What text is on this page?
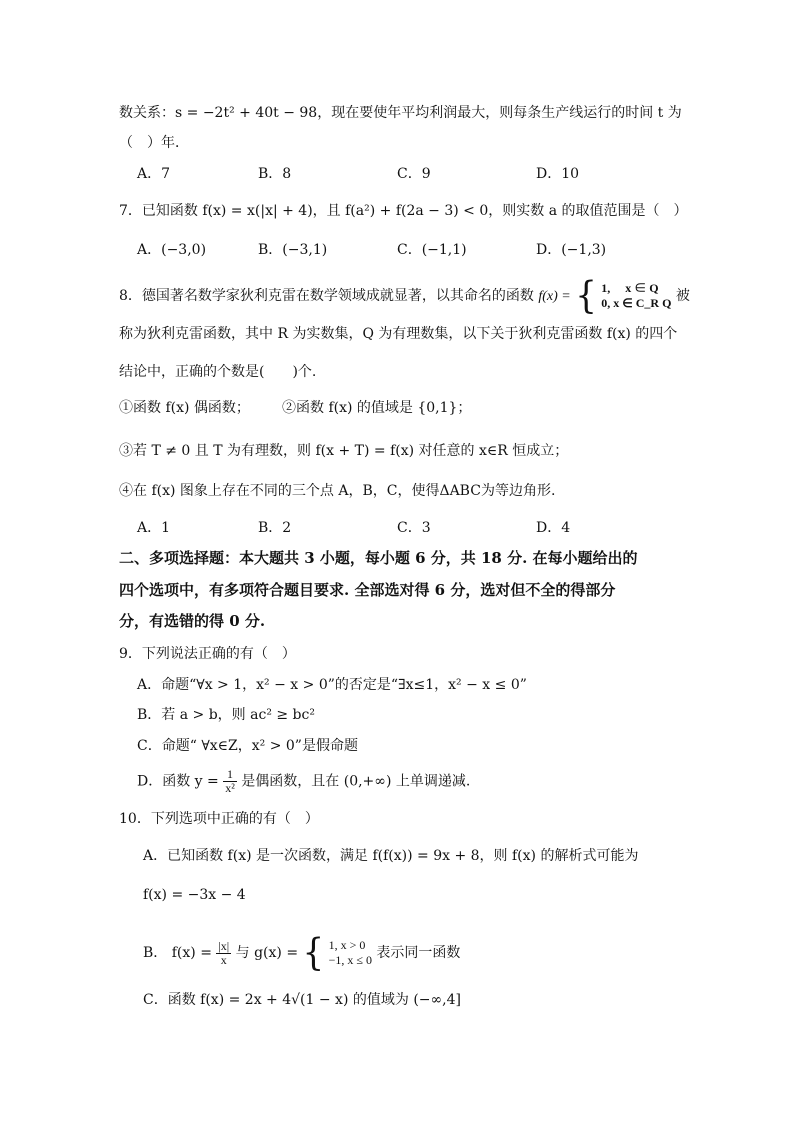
数关系：s = −2t² + 40t − 98，现在要使年平均利润最大，则每条生产线运行的时间 t 为
（　）年．
A．7	B．8	C．9	D．10
7．已知函数 f(x) = x(|x| + 4)，且 f(a²) + f(2a − 3) < 0，则实数 a 的取值范围是（　）
A．(−3,0)	B．(−3,1)	C．(−1,1)	D．(−1,3)
8．德国著名数学家狄利克雷在数学领域成就显著，以其命名的函数 f(x) = { 1,　 x ∈ Q
0, x ∈ C_R Q 被
称为狄利克雷函数，其中 R 为实数集，Q 为有理数集，以下关于狄利克雷函数 f(x) 的四个
结论中，正确的个数是(　　)个.
①函数 f(x) 偶函数； ②函数 f(x) 的值域是 {0,1}；
③若 T ≠ 0 且 T 为有理数，则 f(x + T) = f(x) 对任意的 x∈R 恒成立；
④在 f(x) 图象上存在不同的三个点 A，B，C，使得ΔABC为等边角形.
A．1	B．2	C．3	D．4
二、多项选择题：本大题共 3 小题，每小题 6 分，共 18 分. 在每小题给出的
四个选项中，有多项符合题目要求. 全部选对得 6 分，选对但不全的得部分
分，有选错的得 0 分.
9．下列说法正确的有（　）
A．命题“∀x > 1，x² − x > 0”的否定是“∃x≤1，x² − x ≤ 0”
B．若 a > b，则 ac² ≥ bc²
C．命题“ ∀x∈Z，x² > 0”是假命题
D．函数 $y = \frac{1}{\text{x²}}$ 是偶函数，且在 (0,+∞) 上单调递减.
10．下列选项中正确的有（　）
A．已知函数 f(x) 是一次函数，满足 f(f(x)) = 9x + 8，则 f(x) 的解析式可能为
f(x) = −3x − 4
B． $f(x) = \frac{|x|}{x}$ 与 g(x) = { 1, x > 0
−1, x ≤ 0 表示同一函数
C．函数 f(x) = 2x + 4√(1 − x) 的值域为 (−∞,4]
